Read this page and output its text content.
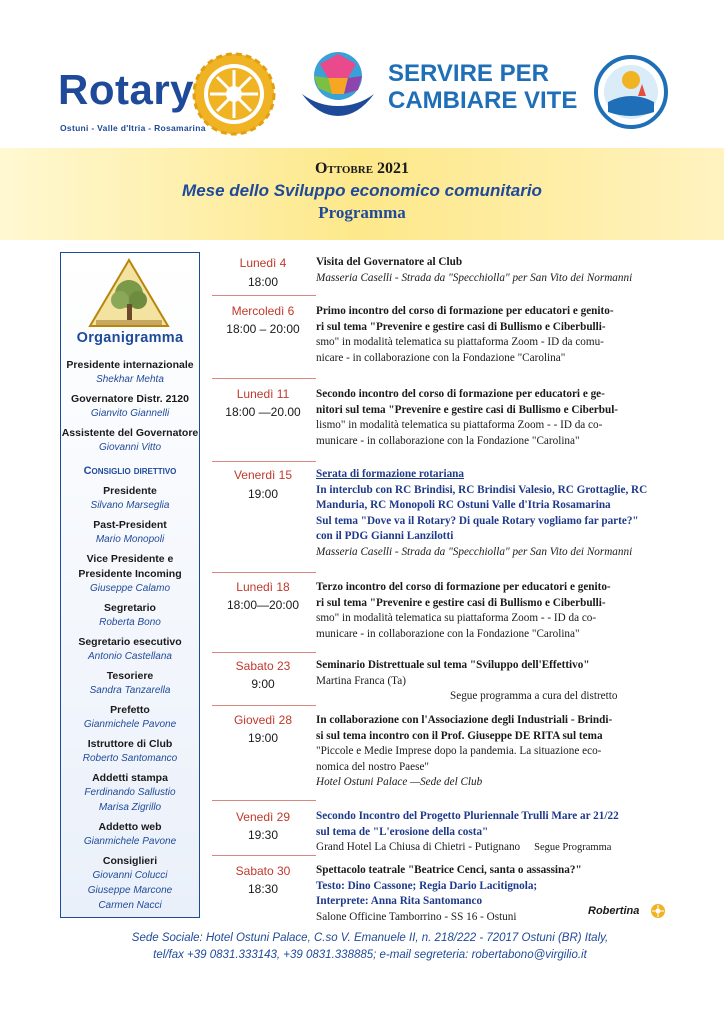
Rotary
Ostuni - Valle d'Itria - Rosamarina
SERVIRE PER
CAMBIARE VITE
Ottobre 2021
Mese dello Sviluppo economico comunitario
Programma
Organigramma
Presidente internazionale
Shekhar Mehta
Governatore Distr. 2120
Gianvito Giannelli
Assistente del Governatore
Giovanni Vitto
Consiglio direttivo
Presidente
Silvano Marseglia
Past-President
Mario Monopoli
Vice Presidente e
Presidente Incoming
Giuseppe Calamo
Segretario
Roberta Bono
Segretario esecutivo
Antonio Castellana
Tesoriere
Sandra Tanzarella
Prefetto
Gianmichele Pavone
Istruttore di Club
Roberto Santomanco
Addetti stampa
Ferdinando Sallustio
Marisa Zigrillo
Addetto web
Gianmichele Pavone
Consiglieri
Giovanni Colucci
Giuseppe Marcone
Carmen Nacci
Lunedì 4
18:00
Visita del Governatore al Club
Masseria Caselli - Strada da "Specchiolla" per San Vito dei Normanni
Mercoledì 6
18:00 – 20:00
Primo incontro del corso di formazione per educatori e genito-
ri sul tema "Prevenire e gestire casi di Bullismo e Ciberbulli-
smo" in modalità telematica su piattaforma Zoom - ID da comu-
nicare - in collaborazione con la Fondazione "Carolina"
Lunedì 11
18:00 —20.00
Secondo incontro del corso di formazione per educatori e ge-
nitori sul tema "Prevenire e gestire casi di Bullismo e Ciberbul-
lismo" in modalità telematica su piattaforma Zoom - - ID da co-
municare - in collaborazione con la Fondazione "Carolina"
Venerdì 15
19:00
Serata di formazione rotariana
In interclub con RC Brindisi, RC Brindisi Valesio, RC Grottaglie, RC
Manduria, RC Monopoli RC Ostuni Valle d'Itria Rosamarina
Sul tema "Dove va il Rotary? Di quale Rotary vogliamo far parte?"
con il PDG Gianni Lanzilotti
Masseria Caselli - Strada da "Specchiolla" per San Vito dei Normanni
Lunedì 18
18:00—20:00
Terzo incontro del corso di formazione per educatori e genito-
ri sul tema "Prevenire e gestire casi di Bullismo e Ciberbulli-
smo" in modalità telematica su piattaforma Zoom - - ID da co-
municare - in collaborazione con la Fondazione "Carolina"
Sabato 23
9:00
Seminario Distrettuale sul tema "Sviluppo dell'Effettivo"
Martina Franca (Ta)
Segue programma a cura del distretto
Giovedì 28
19:00
In collaborazione con l'Associazione degli Industriali - Brindi-
si sul tema incontro con il Prof. Giuseppe DE RITA sul tema
"Piccole e Medie Imprese dopo la pandemia. La situazione eco-
nomica del nostro Paese"
Hotel Ostuni Palace —Sede del Club
Venedì 29
19:30
Secondo Incontro del Progetto Pluriennale Trulli Mare ar 21/22
sul tema de "L'erosione della costa"
Grand Hotel La Chiusa di Chietri - Putignano Segue Programma
Sabato 30
18:30
Spettacolo teatrale "Beatrice Cenci, santa o assassina?"
Testo: Dino Cassone; Regia Dario Lacitignola;
Interprete: Anna Rita Santomanco
Salone Officine Tamborrino - SS 16 - Ostuni	Robertina
Sede Sociale: Hotel Ostuni Palace, C.so V. Emanuele II, n. 218/222 - 72017 Ostuni (BR) Italy,
tel/fax +39 0831.333143, +39 0831.338885; e-mail segreteria: robertabono@virgilio.it
